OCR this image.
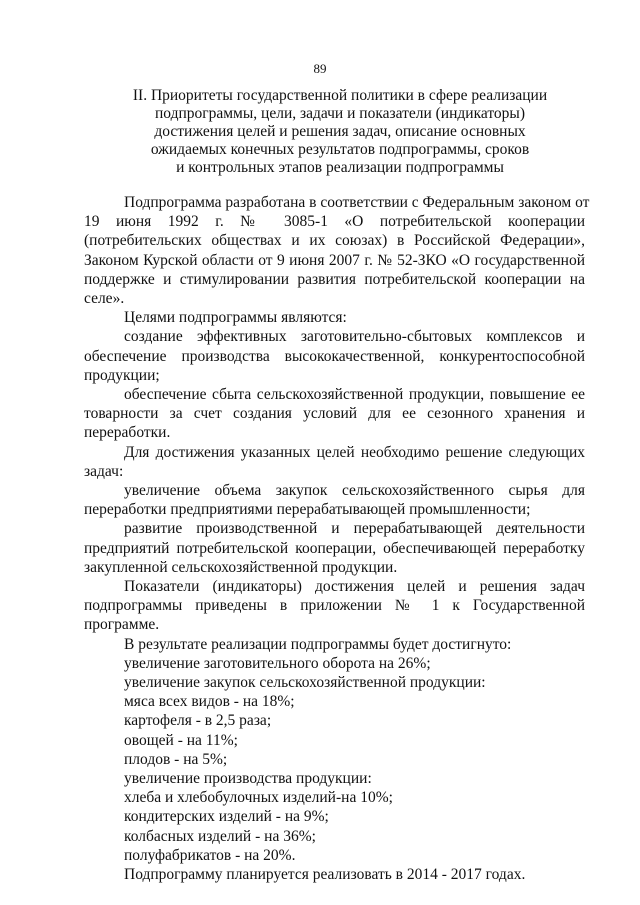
89
II. Приоритеты государственной политики в сфере реализации
подпрограммы, цели, задачи и показатели (индикаторы)
достижения целей и решения задач, описание основных
ожидаемых конечных результатов подпрограммы, сроков
и контрольных этапов реализации подпрограммы
Подпрограмма разработана в соответствии с Федеральным законом от
19 июня 1992 г. № 3085-1 «О потребительской кооперации
(потребительских обществах и их союзах) в Российской Федерации»,
Законом Курской области от 9 июня 2007 г. № 52-ЗКО «О государственной
поддержке и стимулировании развития потребительской кооперации на
селе».
Целями подпрограммы являются:
создание эффективных заготовительно-сбытовых комплексов и
обеспечение производства высококачественной, конкурентоспособной
продукции;
обеспечение сбыта сельскохозяйственной продукции, повышение ее
товарности за счет создания условий для ее сезонного хранения и
переработки.
Для достижения указанных целей необходимо решение следующих
задач:
увеличение объема закупок сельскохозяйственного сырья для
переработки предприятиями перерабатывающей промышленности;
развитие производственной и перерабатывающей деятельности
предприятий потребительской кооперации, обеспечивающей переработку
закупленной сельскохозяйственной продукции.
Показатели (индикаторы) достижения целей и решения задач
подпрограммы приведены в приложении № 1 к Государственной
программе.
В результате реализации подпрограммы будет достигнуто:
увеличение заготовительного оборота на 26%;
увеличение закупок сельскохозяйственной продукции:
мяса всех видов - на 18%;
картофеля - в 2,5 раза;
овощей - на 11%;
плодов - на 5%;
увеличение производства продукции:
хлеба и хлебобулочных изделий-на 10%;
кондитерских изделий - на 9%;
колбасных изделий - на 36%;
полуфабрикатов - на 20%.
Подпрограмму планируется реализовать в 2014 - 2017 годах.
